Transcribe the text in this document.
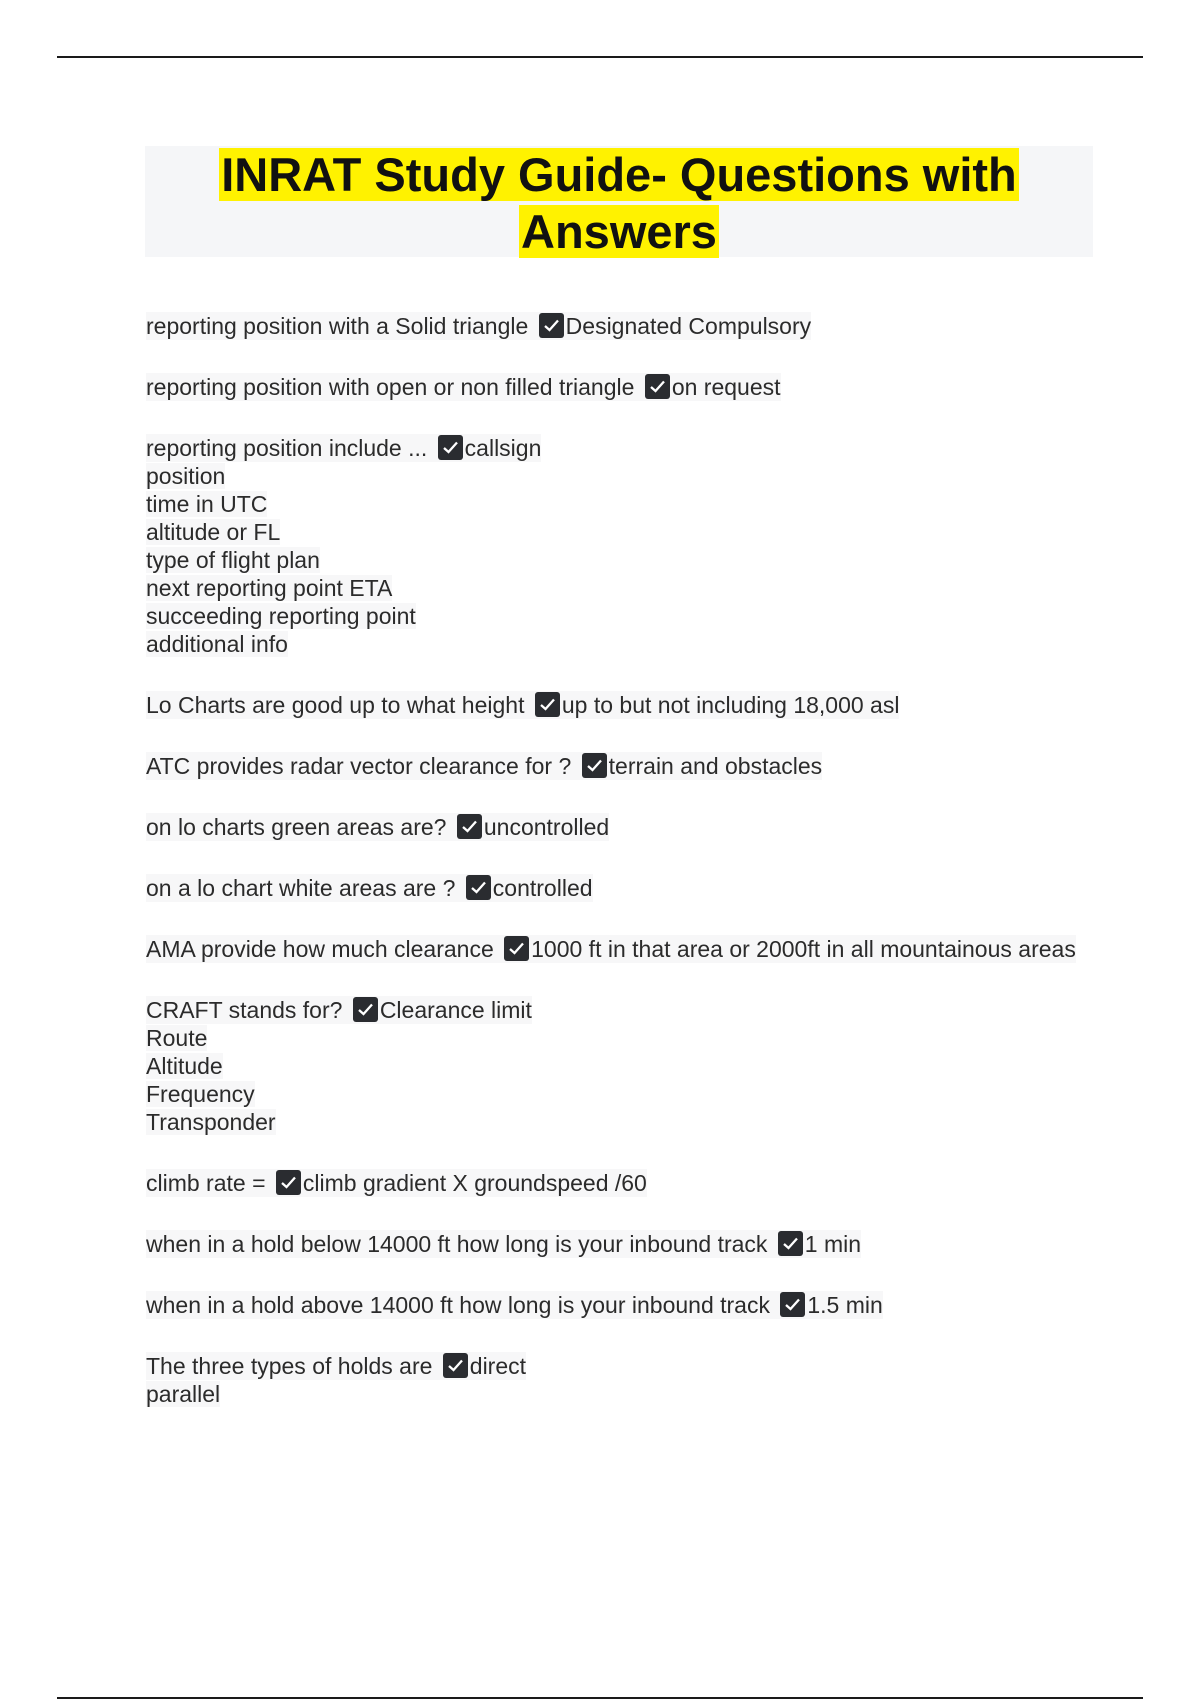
INRAT Study Guide- Questions with
Answers
reporting position with a Solid triangle Designated Compulsory
reporting position with open or non filled triangle on request
reporting position include ... callsign
position
time in UTC
altitude or FL
type of flight plan
next reporting point ETA
succeeding reporting point
additional info
Lo Charts are good up to what height up to but not including 18,000 asl
ATC provides radar vector clearance for ? terrain and obstacles
on lo charts green areas are? uncontrolled
on a lo chart white areas are ? controlled
AMA provide how much clearance 1000 ft in that area or 2000ft in all mountainous areas
CRAFT stands for? Clearance limit
Route
Altitude
Frequency
Transponder
climb rate = climb gradient X groundspeed /60
when in a hold below 14000 ft how long is your inbound track 1 min
when in a hold above 14000 ft how long is your inbound track 1.5 min
The three types of holds are direct
parallel
